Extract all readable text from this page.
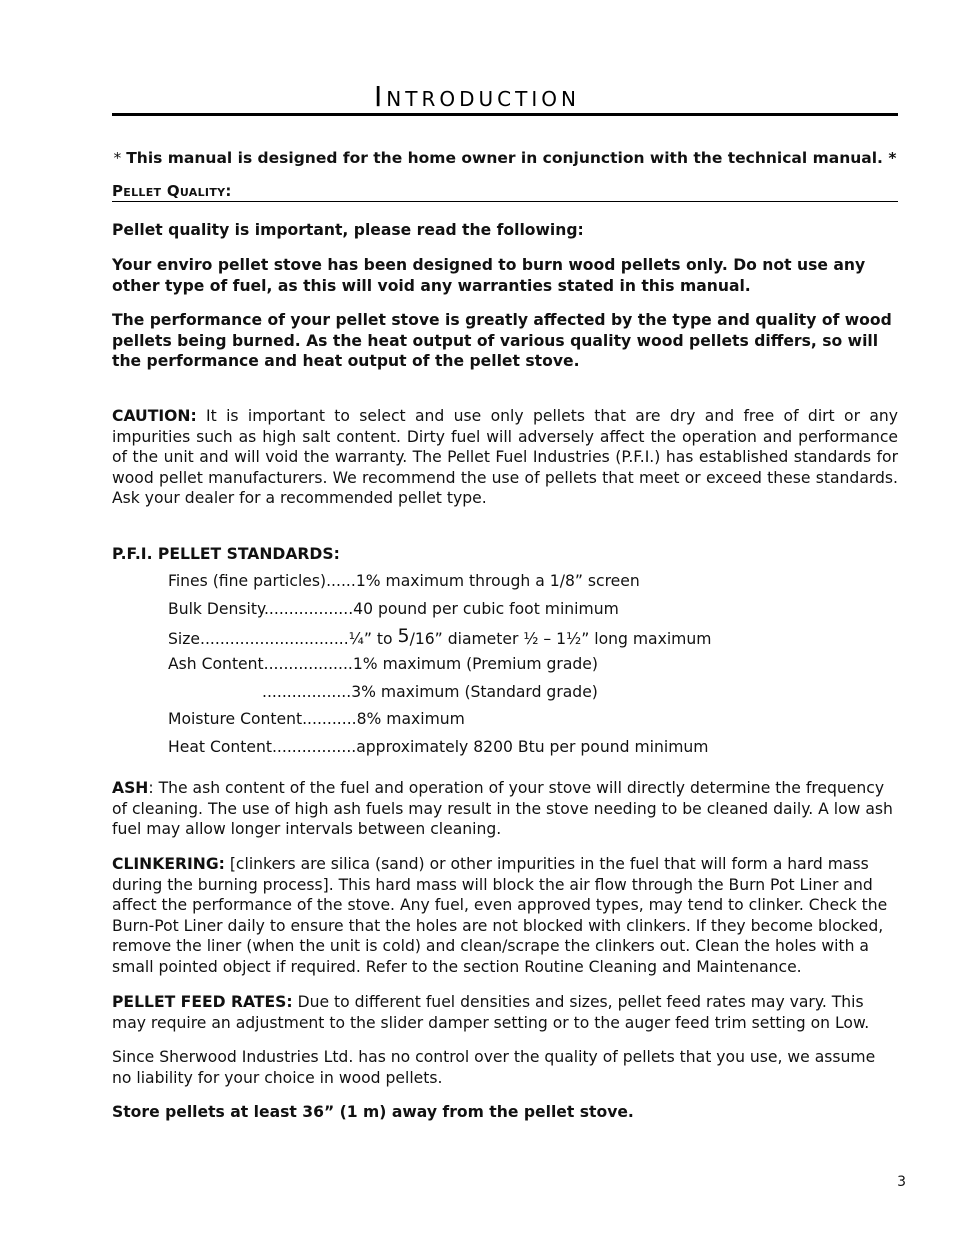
Introduction
* This manual is designed for the home owner in conjunction with the technical manual. *
Pellet Quality:

Pellet quality is important, please read the following:

Your enviro pellet stove has been designed to burn wood pellets only. Do not use any other type of fuel, as this will void any warranties stated in this manual.

The performance of your pellet stove is greatly affected by the type and quality of wood pellets being burned. As the heat output of various quality wood pellets differs, so will the performance and heat output of the pellet stove.

CAUTION: It is important to select and use only pellets that are dry and free of dirt or any impurities such as high salt content. Dirty fuel will adversely affect the operation and performance of the unit and will void the warranty. The Pellet Fuel Industries (P.F.I.) has established standards for wood pellet manufacturers. We recommend the use of pellets that meet or exceed these standards. Ask your dealer for a recommended pellet type.

P.F.I. PELLET STANDARDS:

Fines (fine particles)......1% maximum through a 1/8” screen
Bulk Density..................40 pound per cubic foot minimum
Size..............................¼” to 5/16” diameter ½ – 1½” long maximum
Ash Content..................1% maximum (Premium grade)
..................3% maximum (Standard grade)
Moisture Content...........8% maximum
Heat Content.................approximately 8200 Btu per pound minimum

ASH: The ash content of the fuel and operation of your stove will directly determine the frequency of cleaning. The use of high ash fuels may result in the stove needing to be cleaned daily. A low ash fuel may allow longer intervals between cleaning.

CLINKERING: [clinkers are silica (sand) or other impurities in the fuel that will form a hard mass during the burning process]. This hard mass will block the air flow through the Burn Pot Liner and affect the performance of the stove. Any fuel, even approved types, may tend to clinker. Check the Burn-Pot Liner daily to ensure that the holes are not blocked with clinkers. If they become blocked, remove the liner (when the unit is cold) and clean/scrape the clinkers out. Clean the holes with a small pointed object if required. Refer to the section Routine Cleaning and Maintenance.

PELLET FEED RATES: Due to different fuel densities and sizes, pellet feed rates may vary. This may require an adjustment to the slider damper setting or to the auger feed trim setting on Low.

Since Sherwood Industries Ltd. has no control over the quality of pellets that you use, we assume no liability for your choice in wood pellets.

Store pellets at least 36” (1 m) away from the pellet stove.

3
